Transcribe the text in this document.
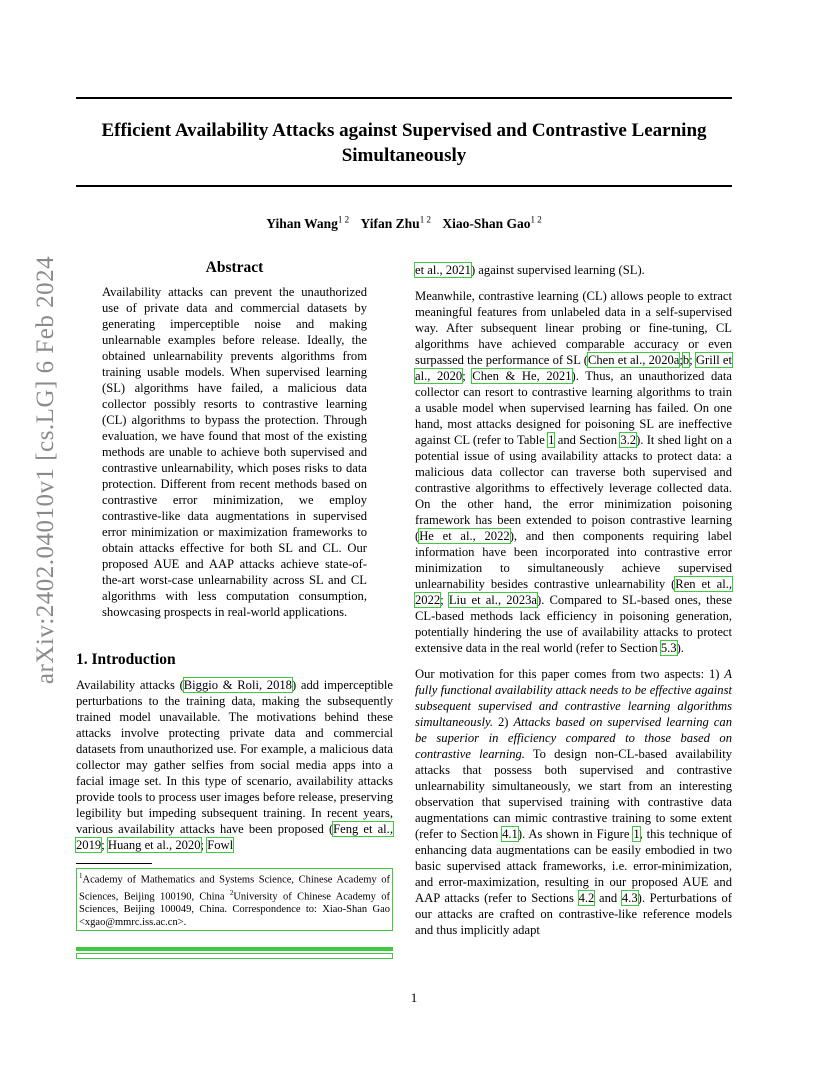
arXiv:2402.04010v1 [cs.LG] 6 Feb 2024
Efficient Availability Attacks against Supervised and Contrastive Learning Simultaneously
Yihan Wang$^{1 2}$ Yifan Zhu$^{1 2}$ Xiao-Shan Gao$^{1 2}$
Abstract

Availability attacks can prevent the unauthorized use of private data and commercial datasets by generating imperceptible noise and making unlearnable examples before release. Ideally, the obtained unlearnability prevents algorithms from training usable models. When supervised learning (SL) algorithms have failed, a malicious data collector possibly resorts to contrastive learning (CL) algorithms to bypass the protection. Through evaluation, we have found that most of the existing methods are unable to achieve both supervised and contrastive unlearnability, which poses risks to data protection. Different from recent methods based on contrastive error minimization, we employ contrastive-like data augmentations in supervised error minimization or maximization frameworks to obtain attacks effective for both SL and CL. Our proposed AUE and AAP attacks achieve state-of-the-art worst-case unlearnability across SL and CL algorithms with less computation consumption, showcasing prospects in real-world applications.

1. Introduction

Availability attacks (Biggio & Roli, 2018) add imperceptible perturbations to the training data, making the subsequently trained model unavailable. The motivations behind these attacks involve protecting private data and commercial datasets from unauthorized use. For example, a malicious data collector may gather selfies from social media apps into a facial image set. In this type of scenario, availability attacks provide tools to process user images before release, preserving legibility but impeding subsequent training. In recent years, various availability attacks have been proposed (Feng et al., 2019; Huang et al., 2020; Fowl

$^1$Academy of Mathematics and Systems Science, Chinese Academy of Sciences, Beijing 100190, China $^2$University of Chinese Academy of Sciences, Beijing 100049, China. Correspondence to: Xiao-Shan Gao <xgao@mmrc.iss.ac.cn>.

et al., 2021) against supervised learning (SL).

Meanwhile, contrastive learning (CL) allows people to extract meaningful features from unlabeled data in a self-supervised way. After subsequent linear probing or fine-tuning, CL algorithms have achieved comparable accuracy or even surpassed the performance of SL (Chen et al., 2020a;b; Grill et al., 2020; Chen & He, 2021). Thus, an unauthorized data collector can resort to contrastive learning algorithms to train a usable model when supervised learning has failed. On one hand, most attacks designed for poisoning SL are ineffective against CL (refer to Table 1 and Section 3.2). It shed light on a potential issue of using availability attacks to protect data: a malicious data collector can traverse both supervised and contrastive algorithms to effectively leverage collected data. On the other hand, the error minimization poisoning framework has been extended to poison contrastive learning (He et al., 2022), and then components requiring label information have been incorporated into contrastive error minimization to simultaneously achieve supervised unlearnability besides contrastive unlearnability (Ren et al., 2022; Liu et al., 2023a). Compared to SL-based ones, these CL-based methods lack efficiency in poisoning generation, potentially hindering the use of availability attacks to protect extensive data in the real world (refer to Section 5.3).

Our motivation for this paper comes from two aspects: 1) A fully functional availability attack needs to be effective against subsequent supervised and contrastive learning algorithms simultaneously. 2) Attacks based on supervised learning can be superior in efficiency compared to those based on contrastive learning. To design non-CL-based availability attacks that possess both supervised and contrastive unlearnability simultaneously, we start from an interesting observation that supervised training with contrastive data augmentations can mimic contrastive training to some extent (refer to Section 4.1). As shown in Figure 1, this technique of enhancing data augmentations can be easily embodied in two basic supervised attack frameworks, i.e. error-minimization, and error-maximization, resulting in our proposed AUE and AAP attacks (refer to Sections 4.2 and 4.3). Perturbations of our attacks are crafted on contrastive-like reference models and thus implicitly adapt

1
